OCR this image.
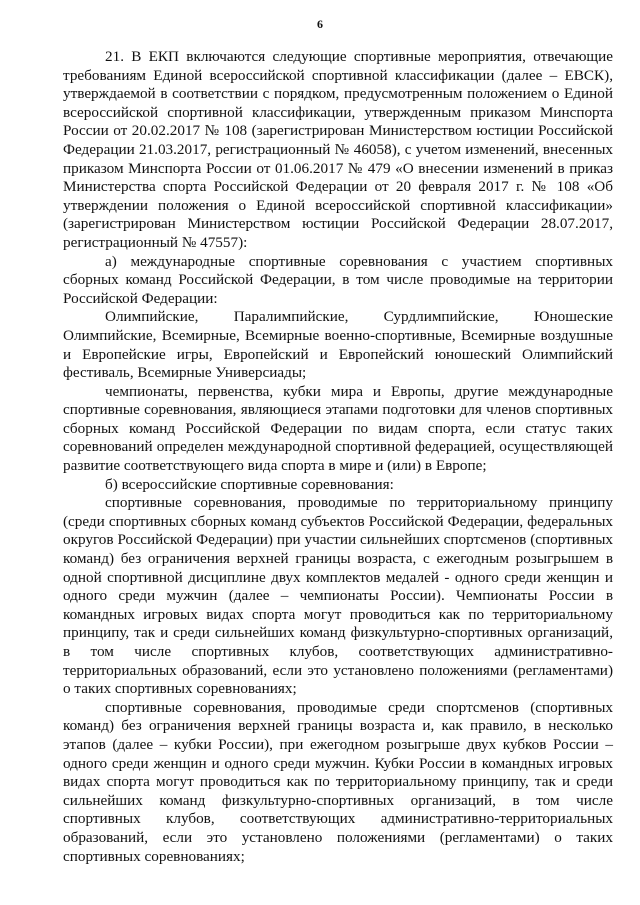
6

21. В ЕКП включаются следующие спортивные мероприятия, отвечающие требованиям Единой всероссийской спортивной классификации (далее – ЕВСК), утверждаемой в соответствии с порядком, предусмотренным положением о Единой всероссийской спортивной классификации, утвержденным приказом Минспорта России от 20.02.2017 № 108 (зарегистрирован Министерством юстиции Российской Федерации 21.03.2017, регистрационный № 46058), с учетом изменений, внесенных приказом Минспорта России от 01.06.2017 № 479 «О внесении изменений в приказ Министерства спорта Российской Федерации от 20 февраля 2017 г. № 108 «Об утверждении положения о Единой всероссийской спортивной классификации» (зарегистрирован Министерством юстиции Российской Федерации 28.07.2017, регистрационный № 47557):

а) международные спортивные соревнования с участием спортивных сборных команд Российской Федерации, в том числе проводимые на территории Российской Федерации:

Олимпийские, Паралимпийские, Сурдлимпийские, Юношеские Олимпийские, Всемирные, Всемирные военно-спортивные, Всемирные воздушные и Европейские игры, Европейский и Европейский юношеский Олимпийский фестиваль, Всемирные Универсиады;

чемпионаты, первенства, кубки мира и Европы, другие международные спортивные соревнования, являющиеся этапами подготовки для членов спортивных сборных команд Российской Федерации по видам спорта, если статус таких соревнований определен международной спортивной федерацией, осуществляющей развитие соответствующего вида спорта в мире и (или) в Европе;

б) всероссийские спортивные соревнования:

спортивные соревнования, проводимые по территориальному принципу (среди спортивных сборных команд субъектов Российской Федерации, федеральных округов Российской Федерации) при участии сильнейших спортсменов (спортивных команд) без ограничения верхней границы возраста, с ежегодным розыгрышем в одной спортивной дисциплине двух комплектов медалей - одного среди женщин и одного среди мужчин (далее – чемпионаты России). Чемпионаты России в командных игровых видах спорта могут проводиться как по территориальному принципу, так и среди сильнейших команд физкультурно-спортивных организаций, в том числе спортивных клубов, соответствующих административно-территориальных образований, если это установлено положениями (регламентами) о таких спортивных соревнованиях;

спортивные соревнования, проводимые среди спортсменов (спортивных команд) без ограничения верхней границы возраста и, как правило, в несколько этапов (далее – кубки России), при ежегодном розыгрыше двух кубков России – одного среди женщин и одного среди мужчин. Кубки России в командных игровых видах спорта могут проводиться как по территориальному принципу, так и среди сильнейших команд физкультурно-спортивных организаций, в том числе спортивных клубов, соответствующих административно-территориальных образований, если это установлено положениями (регламентами) о таких спортивных соревнованиях;
